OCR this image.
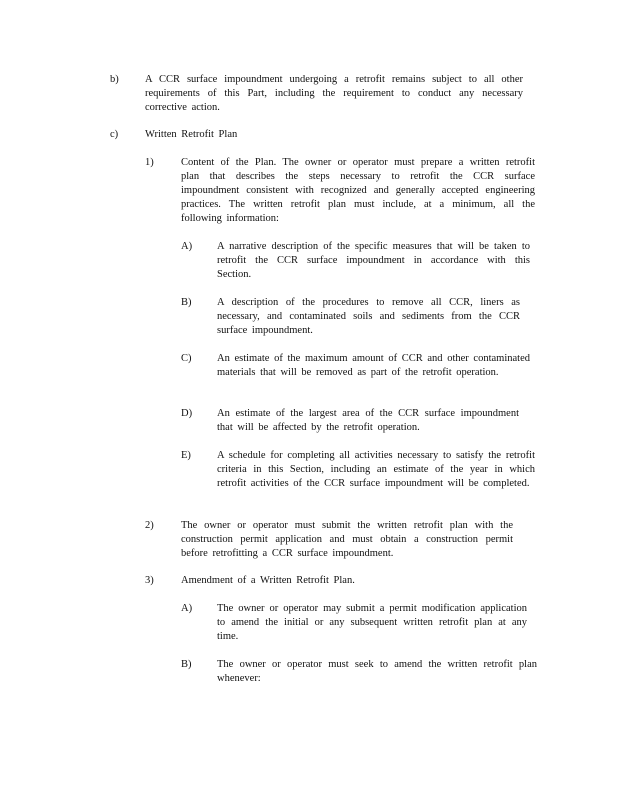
b)	A CCR surface impoundment undergoing a retrofit remains subject to all other requirements of this Part, including the requirement to conduct any necessary corrective action.
c)	Written Retrofit Plan
1)	Content of the Plan. The owner or operator must prepare a written retrofit plan that describes the steps necessary to retrofit the CCR surface impoundment consistent with recognized and generally accepted engineering practices. The written retrofit plan must include, at a minimum, all the following information:
A) A narrative description of the specific measures that will be taken to retrofit the CCR surface impoundment in accordance with this Section.
B) A description of the procedures to remove all CCR, liners as necessary, and contaminated soils and sediments from the CCR surface impoundment.
C) An estimate of the maximum amount of CCR and other contaminated materials that will be removed as part of the retrofit operation.
D) An estimate of the largest area of the CCR surface impoundment that will be affected by the retrofit operation.
E) A schedule for completing all activities necessary to satisfy the retrofit criteria in this Section, including an estimate of the year in which retrofit activities of the CCR surface impoundment will be completed.
2)	The owner or operator must submit the written retrofit plan with the construction permit application and must obtain a construction permit before retrofitting a CCR surface impoundment.
3)	Amendment of a Written Retrofit Plan.
A) The owner or operator may submit a permit modification application to amend the initial or any subsequent written retrofit plan at any time.
B) The owner or operator must seek to amend the written retrofit plan whenever:
